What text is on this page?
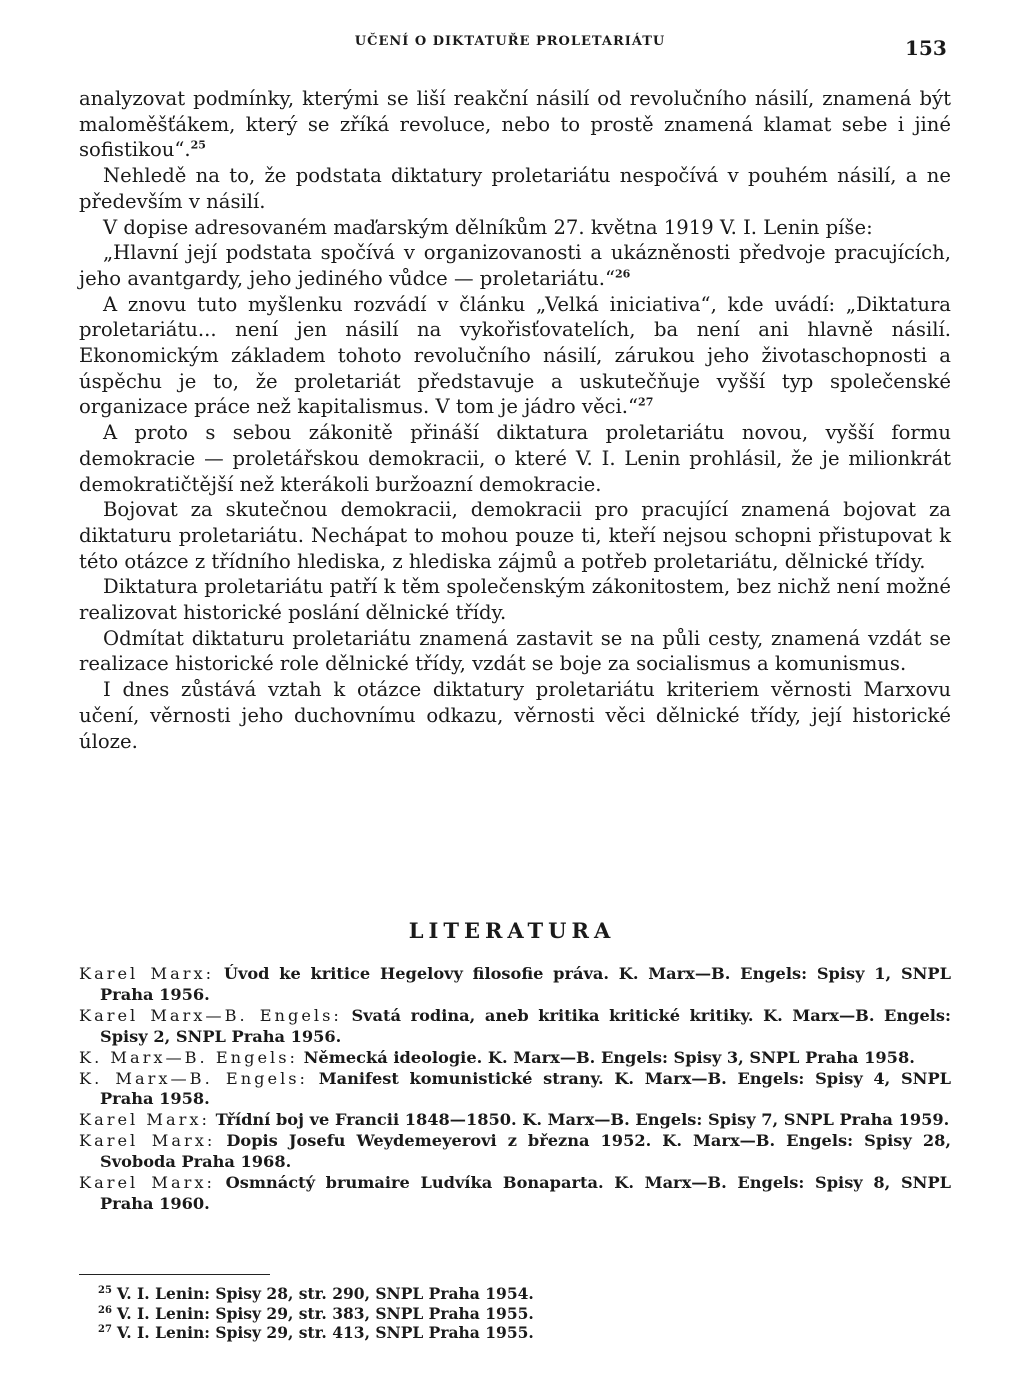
UČENÍ O DIKTATUŘE PROLETARIÁTU	153

analyzovat podmínky, kterými se liší reakční násilí od revolučního násilí, znamená být maloměšťákem, který se zříká revoluce, nebo to prostě znamená klamat sebe i jiné sofistikou“.$^{25}$

Nehledě na to, že podstata diktatury proletariátu nespočívá v pouhém násilí, a ne především v násilí.

V dopise adresovaném maďarským dělníkům 27. května 1919 V. I. Lenin píše:

„Hlavní její podstata spočívá v organizovanosti a ukázněnosti předvoje pracujících, jeho avantgardy, jeho jediného vůdce — proletariátu.“$^{26}$

A znovu tuto myšlenku rozvádí v článku „Velká iniciativa“, kde uvádí: „Diktatura proletariátu... není jen násilí na vykořisťovatelích, ba není ani hlavně násilí. Ekonomickým základem tohoto revolučního násilí, zárukou jeho životaschopnosti a úspěchu je to, že proletariát představuje a uskutečňuje vyšší typ společenské organizace práce než kapitalismus. V tom je jádro věci.“$^{27}$

A proto s sebou zákonitě přináší diktatura proletariátu novou, vyšší formu demokracie — proletářskou demokracii, o které V. I. Lenin prohlásil, že je milionkrát demokratičtější než kterákoli buržoazní demokracie.

Bojovat za skutečnou demokracii, demokracii pro pracující znamená bojovat za diktaturu proletariátu. Nechápat to mohou pouze ti, kteří nejsou schopni přistupovat k této otázce z třídního hlediska, z hlediska zájmů a potřeb proletariátu, dělnické třídy.

Diktatura proletariátu patří k těm společenským zákonitostem, bez nichž není možné realizovat historické poslání dělnické třídy.

Odmítat diktaturu proletariátu znamená zastavit se na půli cesty, znamená vzdát se realizace historické role dělnické třídy, vzdát se boje za socialismus a komunismus.

I dnes zůstává vztah k otázce diktatury proletariátu kriteriem věrnosti Marxovu učení, věrnosti jeho duchovnímu odkazu, věrnosti věci dělnické třídy, její historické úloze.

LITERATURA

Karel Marx: Úvod ke kritice Hegelovy filosofie práva. K. Marx—B. Engels: Spisy 1, SNPL Praha 1956.

Karel Marx—B. Engels: Svatá rodina, aneb kritika kritické kritiky. K. Marx—B. Engels: Spisy 2, SNPL Praha 1956.

K. Marx—B. Engels: Německá ideologie. K. Marx—B. Engels: Spisy 3, SNPL Praha 1958.

K. Marx—B. Engels: Manifest komunistické strany. K. Marx—B. Engels: Spisy 4, SNPL Praha 1958.

Karel Marx: Třídní boj ve Francii 1848—1850. K. Marx—B. Engels: Spisy 7, SNPL Praha 1959.

Karel Marx: Dopis Josefu Weydemeyerovi z března 1952. K. Marx—B. Engels: Spisy 28, Svoboda Praha 1968.

Karel Marx: Osmnáctý brumaire Ludvíka Bonaparta. K. Marx—B. Engels: Spisy 8, SNPL Praha 1960.

$^{25}$ V. I. Lenin: Spisy 28, str. 290, SNPL Praha 1954.

$^{26}$ V. I. Lenin: Spisy 29, str. 383, SNPL Praha 1955.

$^{27}$ V. I. Lenin: Spisy 29, str. 413, SNPL Praha 1955.
